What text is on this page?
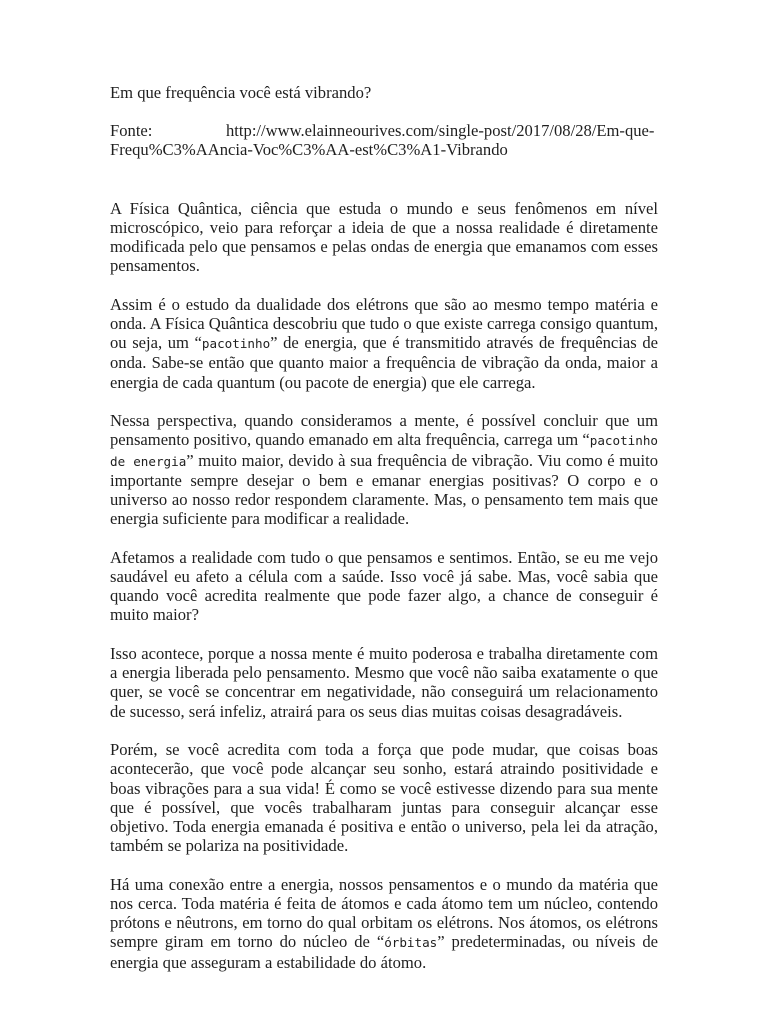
Em que frequência você está vibrando?
Fonte:	http://www.elainneourives.com/single-post/2017/08/28/Em-que-Frequ%C3%AAncia-Voc%C3%AA-est%C3%A1-Vibrando

A Física Quântica, ciência que estuda o mundo e seus fenômenos em nível microscópico, veio para reforçar a ideia de que a nossa realidade é diretamente modificada pelo que pensamos e pelas ondas de energia que emanamos com esses pensamentos.

Assim é o estudo da dualidade dos elétrons que são ao mesmo tempo matéria e onda. A Física Quântica descobriu que tudo o que existe carrega consigo quantum, ou seja, um “pacotinho” de energia, que é transmitido através de frequências de onda. Sabe-se então que quanto maior a frequência de vibração da onda, maior a energia de cada quantum (ou pacote de energia) que ele carrega.

Nessa perspectiva, quando consideramos a mente, é possível concluir que um pensamento positivo, quando emanado em alta frequência, carrega um “pacotinho de energia” muito maior, devido à sua frequência de vibração. Viu como é muito importante sempre desejar o bem e emanar energias positivas? O corpo e o universo ao nosso redor respondem claramente. Mas, o pensamento tem mais que energia suficiente para modificar a realidade.

Afetamos a realidade com tudo o que pensamos e sentimos. Então, se eu me vejo saudável eu afeto a célula com a saúde. Isso você já sabe. Mas, você sabia que quando você acredita realmente que pode fazer algo, a chance de conseguir é muito maior?

Isso acontece, porque a nossa mente é muito poderosa e trabalha diretamente com a energia liberada pelo pensamento. Mesmo que você não saiba exatamente o que quer, se você se concentrar em negatividade, não conseguirá um relacionamento de sucesso, será infeliz, atrairá para os seus dias muitas coisas desagradáveis.

Porém, se você acredita com toda a força que pode mudar, que coisas boas acontecerão, que você pode alcançar seu sonho, estará atraindo positividade e boas vibrações para a sua vida! É como se você estivesse dizendo para sua mente que é possível, que vocês trabalharam juntas para conseguir alcançar esse objetivo. Toda energia emanada é positiva e então o universo, pela lei da atração, também se polariza na positividade.

Há uma conexão entre a energia, nossos pensamentos e o mundo da matéria que nos cerca. Toda matéria é feita de átomos e cada átomo tem um núcleo, contendo prótons e nêutrons, em torno do qual orbitam os elétrons. Nos átomos, os elétrons sempre giram em torno do núcleo de “órbitas” predeterminadas, ou níveis de energia que asseguram a estabilidade do átomo.
